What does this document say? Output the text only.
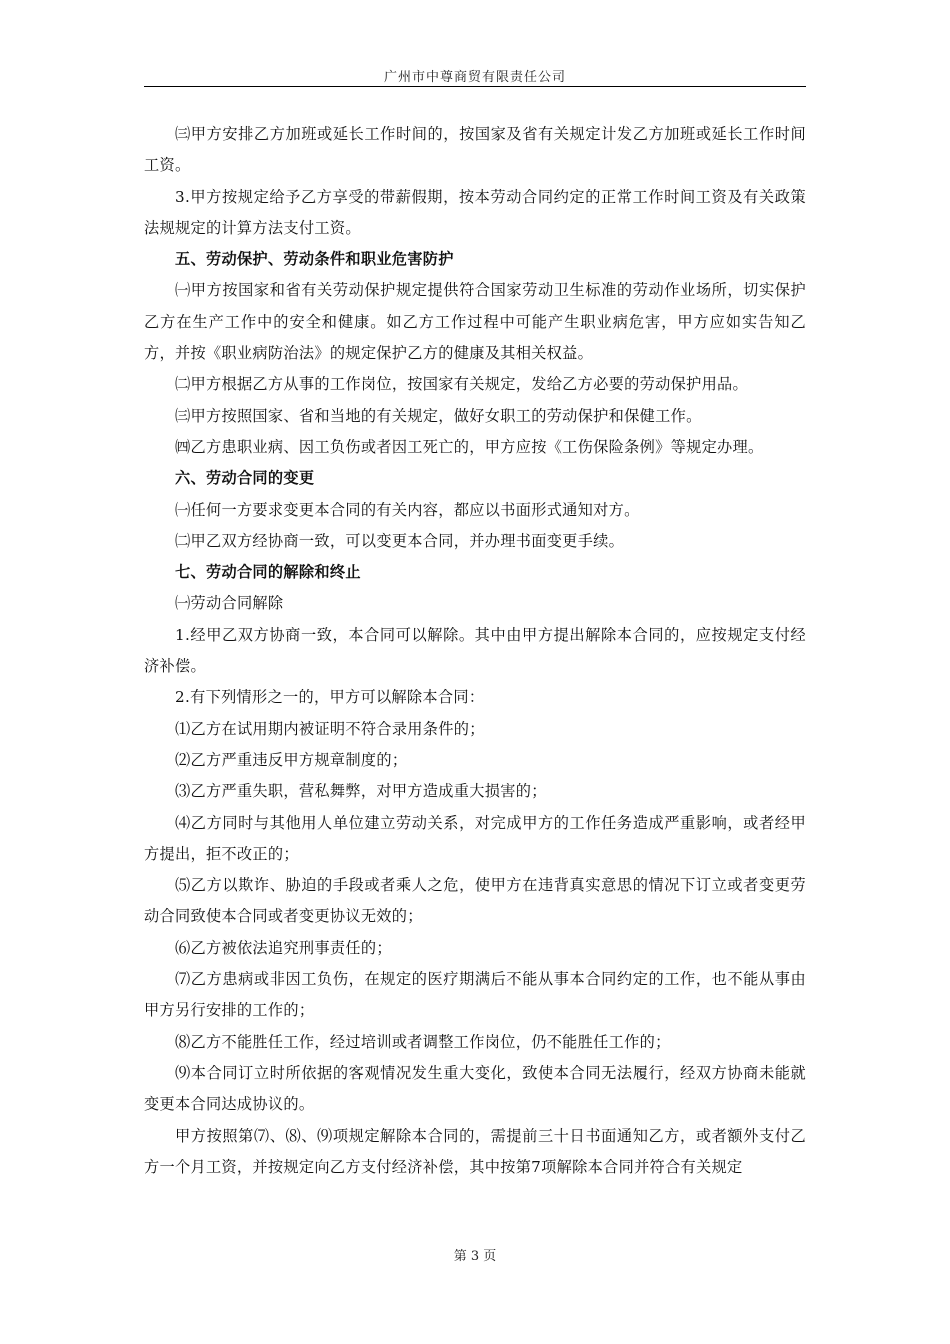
广州市中尊商贸有限责任公司

㈢甲方安排乙方加班或延长工作时间的，按国家及省有关规定计发乙方加班或延长工作时间工资。

3.甲方按规定给予乙方享受的带薪假期，按本劳动合同约定的正常工作时间工资及有关政策法规规定的计算方法支付工资。

五、劳动保护、劳动条件和职业危害防护

㈠甲方按国家和省有关劳动保护规定提供符合国家劳动卫生标准的劳动作业场所，切实保护乙方在生产工作中的安全和健康。如乙方工作过程中可能产生职业病危害，甲方应如实告知乙方，并按《职业病防治法》的规定保护乙方的健康及其相关权益。

㈡甲方根据乙方从事的工作岗位，按国家有关规定，发给乙方必要的劳动保护用品。

㈢甲方按照国家、省和当地的有关规定，做好女职工的劳动保护和保健工作。

㈣乙方患职业病、因工负伤或者因工死亡的，甲方应按《工伤保险条例》等规定办理。

六、劳动合同的变更

㈠任何一方要求变更本合同的有关内容，都应以书面形式通知对方。

㈡甲乙双方经协商一致，可以变更本合同，并办理书面变更手续。

七、劳动合同的解除和终止

㈠劳动合同解除

1.经甲乙双方协商一致，本合同可以解除。其中由甲方提出解除本合同的，应按规定支付经济补偿。

2.有下列情形之一的，甲方可以解除本合同：

⑴乙方在试用期内被证明不符合录用条件的；

⑵乙方严重违反甲方规章制度的；

⑶乙方严重失职，营私舞弊，对甲方造成重大损害的；

⑷乙方同时与其他用人单位建立劳动关系，对完成甲方的工作任务造成严重影响，或者经甲方提出，拒不改正的；

⑸乙方以欺诈、胁迫的手段或者乘人之危，使甲方在违背真实意思的情况下订立或者变更劳动合同致使本合同或者变更协议无效的；

⑹乙方被依法追究刑事责任的；

⑺乙方患病或非因工负伤，在规定的医疗期满后不能从事本合同约定的工作，也不能从事由甲方另行安排的工作的；

⑻乙方不能胜任工作，经过培训或者调整工作岗位，仍不能胜任工作的；

⑼本合同订立时所依据的客观情况发生重大变化，致使本合同无法履行，经双方协商未能就变更本合同达成协议的。

甲方按照第⑺、⑻、⑼项规定解除本合同的，需提前三十日书面通知乙方，或者额外支付乙方一个月工资，并按规定向乙方支付经济补偿，其中按第7项解除本合同并符合有关规定

第 3 页
